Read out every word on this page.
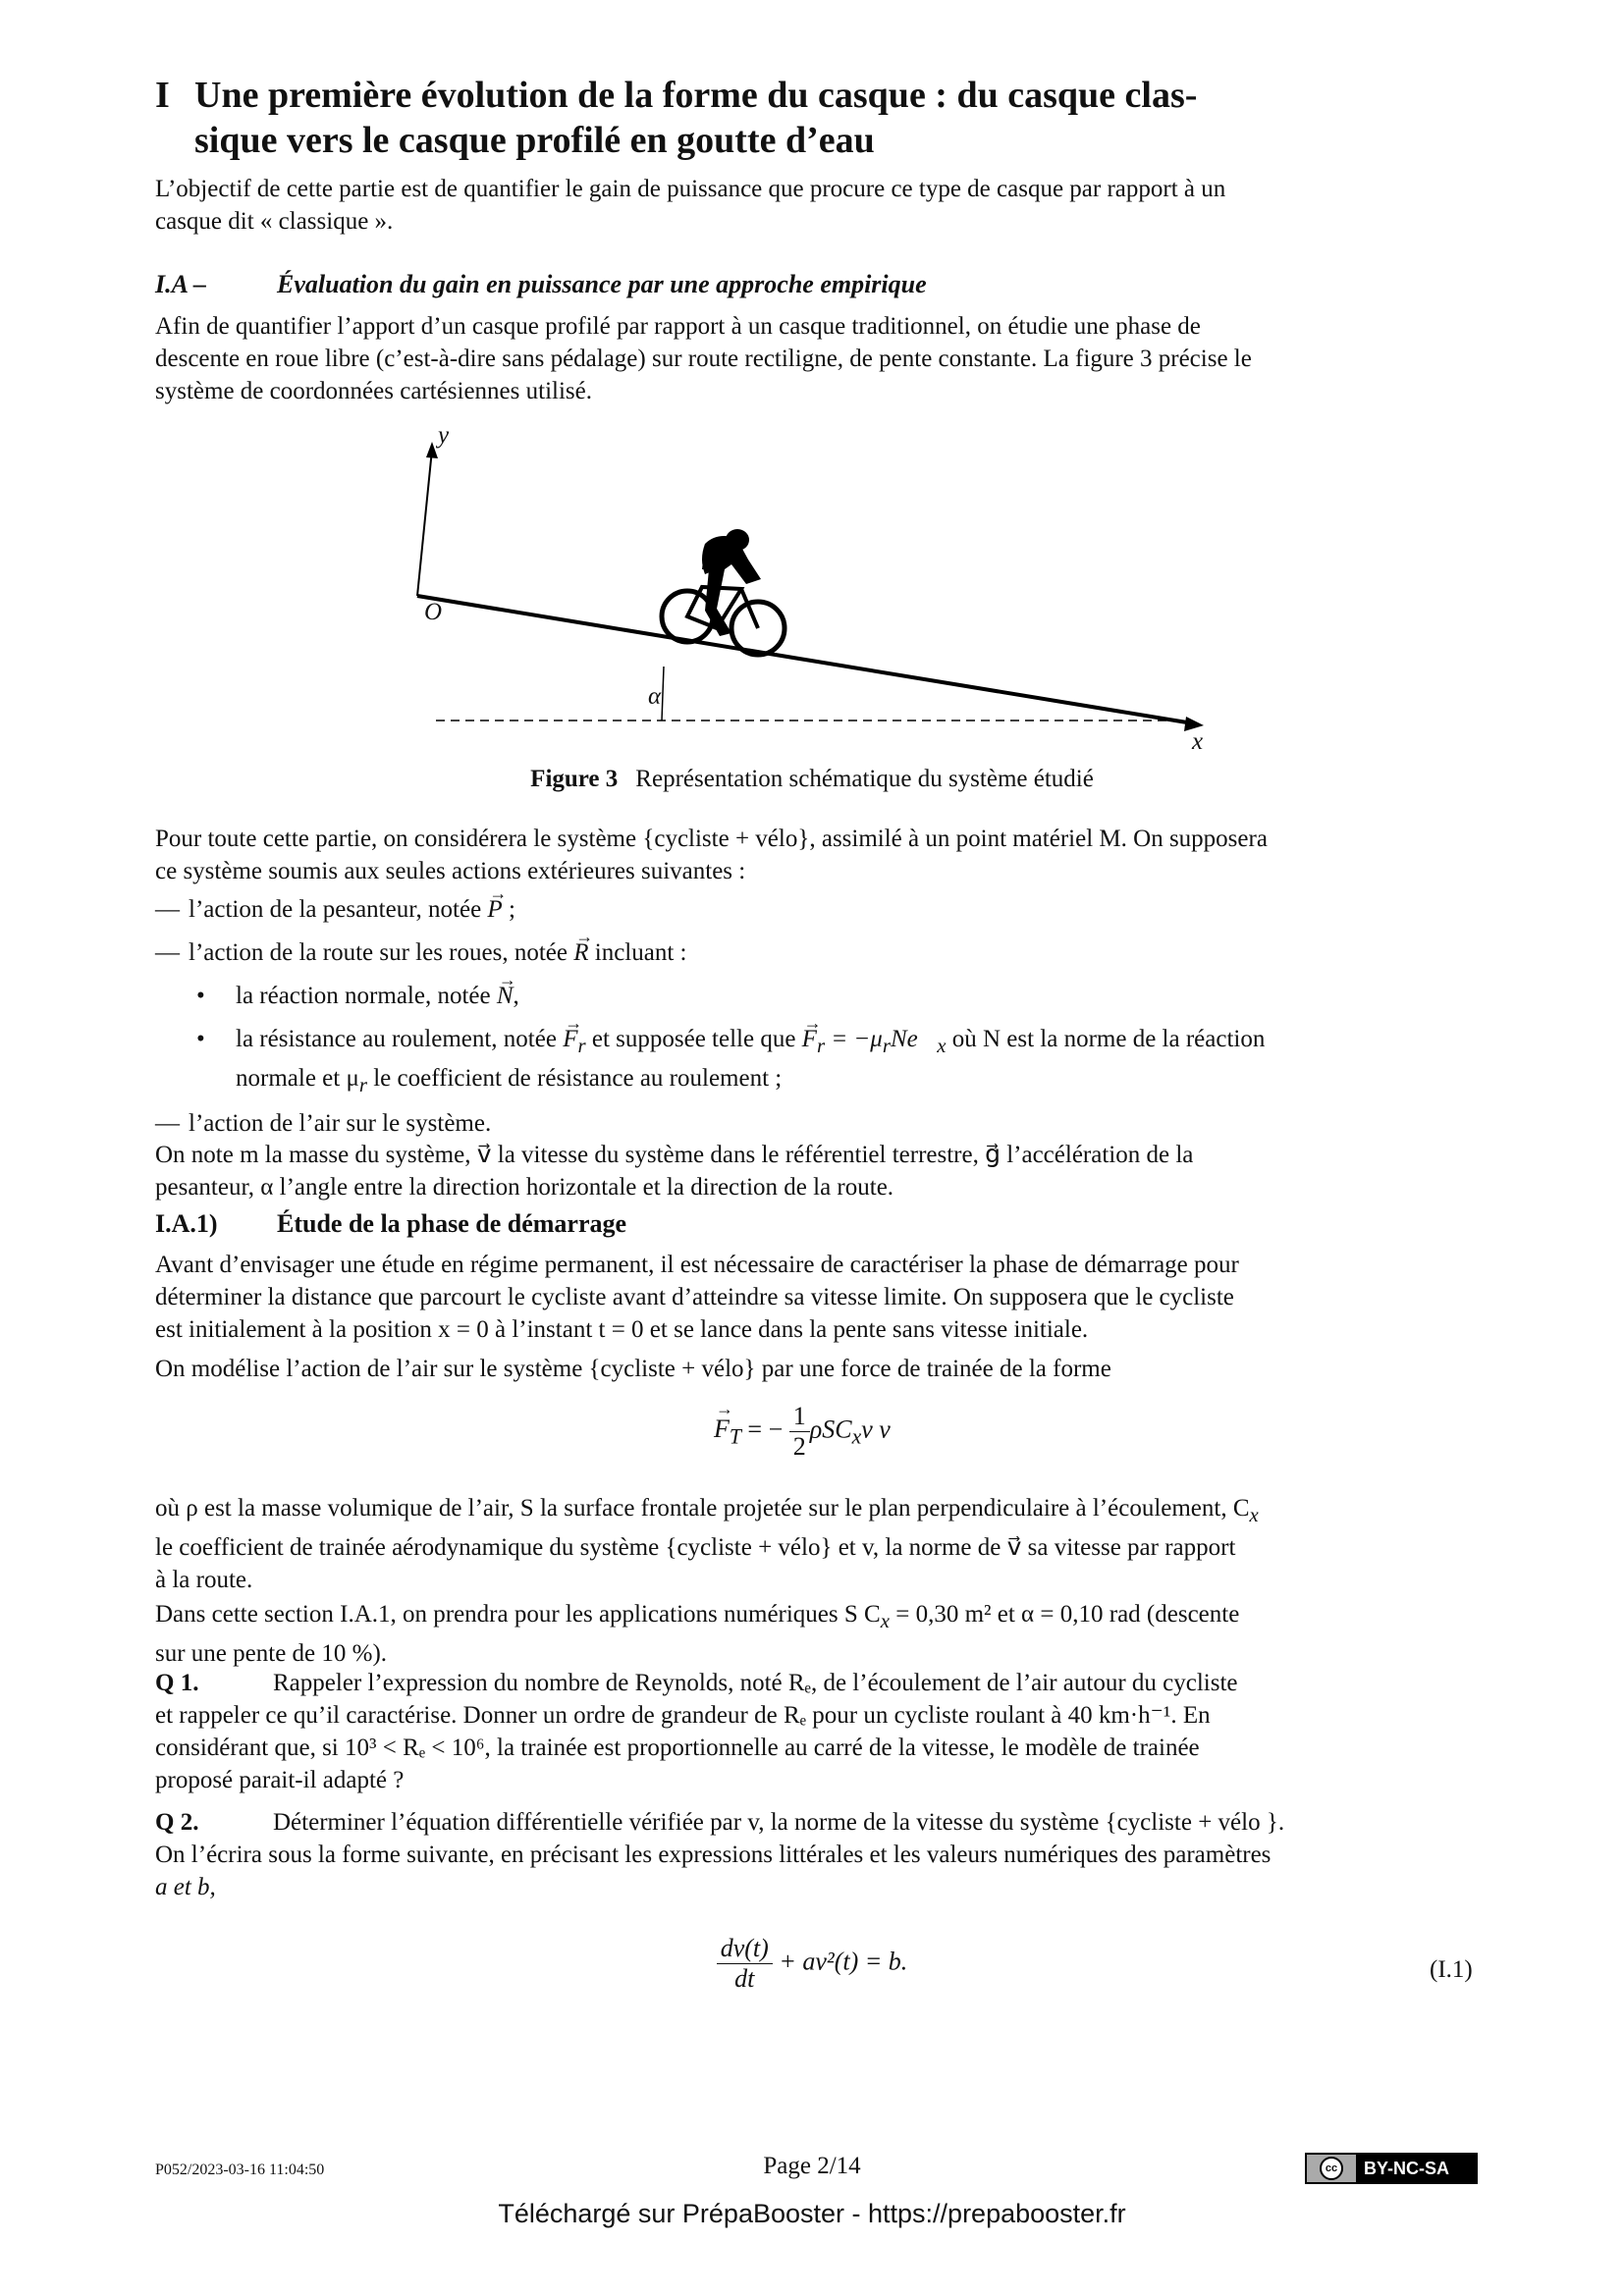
I Une première évolution de la forme du casque : du casque clas-
sique vers le casque profilé en goutte d’eau
L’objectif de cette partie est de quantifier le gain de puissance que procure ce type de casque par rapport à un
casque dit « classique ».
I.A –	Évaluation du gain en puissance par une approche empirique
Afin de quantifier l’apport d’un casque profilé par rapport à un casque traditionnel, on étudie une phase de
descente en roue libre (c’est-à-dire sans pédalage) sur route rectiligne, de pente constante. La figure 3 précise le
système de coordonnées cartésiennes utilisé.
y
O
α
x
Figure 3 Représentation schématique du système étudié
Pour toute cette partie, on considérera le système {cycliste + vélo}, assimilé à un point matériel M. On supposera
ce système soumis aux seules actions extérieures suivantes :
— l’action de la pesanteur, notée → P ;
— l’action de la route sur les roues, notée → R incluant :
• la réaction normale, notée → N,
• la résistance au roulement, notée → $F_r$ et supposée telle que → $F_r$ = $-\mu_rNe⃗_x$ où N est la norme de la réaction
normale et $\mu_r$ le coefficient de résistance au roulement ;
— l’action de l’air sur le système.
On note m la masse du système, v⃗ la vitesse du système dans le référentiel terrestre, g⃗ l’accélération de la
pesanteur, α l’angle entre la direction horizontale et la direction de la route.
I.A.1) Étude de la phase de démarrage
Avant d’envisager une étude en régime permanent, il est nécessaire de caractériser la phase de démarrage pour
déterminer la distance que parcourt le cycliste avant d’atteindre sa vitesse limite. On supposera que le cycliste
est initialement à la position x = 0 à l’instant t = 0 et se lance dans la pente sans vitesse initiale.
On modélise l’action de l’air sur le système {cycliste + vélo} par une force de trainée de la forme
→ $F_T$ = − $\frac{1}{2} \rho SC_xv$ v⃗
où ρ est la masse volumique de l’air, S la surface frontale projetée sur le plan perpendiculaire à l’écoulement, $C_x$
le coefficient de trainée aérodynamique du système {cycliste + vélo} et v, la norme de v⃗ sa vitesse par rapport
à la route.
Dans cette section I.A.1, on prendra pour les applications numériques S $C_x = 0,30$ m² et α = 0,10 rad (descente
sur une pente de 10 %).
Q 1.	Rappeler l’expression du nombre de Reynolds, noté Rₑ, de l’écoulement de l’air autour du cycliste
et rappeler ce qu’il caractérise. Donner un ordre de grandeur de Rₑ pour un cycliste roulant à 40 km·h⁻¹. En
considérant que, si 10³ < Rₑ < 10⁶, la trainée est proportionnelle au carré de la vitesse, le modèle de trainée
proposé parait-il adapté ?
Q 2.	Déterminer l’équation différentielle vérifiée par v, la norme de la vitesse du système {cycliste + vélo }.
On l’écrira sous la forme suivante, en précisant les expressions littérales et les valeurs numériques des paramètres
a et b,
$\frac{dv(t)}{dt} + av^2(t) = b$.	(I.1)
P052/2023-03-16 11:04:50	Page 2/14	cc	BY-NC-SA
Téléchargé sur PrépaBooster - https://prepabooster.fr
